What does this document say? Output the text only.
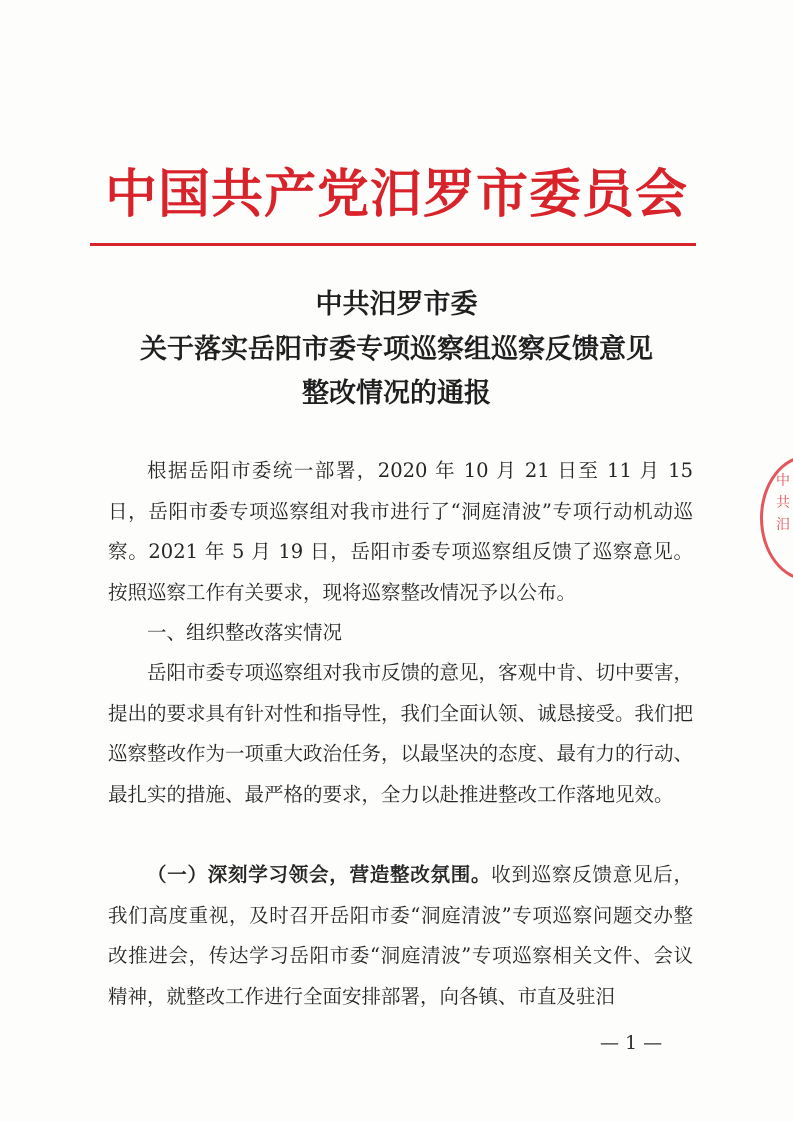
中国共产党汨罗市委员会
中共汨罗市委
关于落实岳阳市委专项巡察组巡察反馈意见
整改情况的通报

根据岳阳市委统一部署，2020 年 10 月 21 日至 11 月 15 日，岳阳市委专项巡察组对我市进行了“洞庭清波”专项行动机动巡察。2021 年 5 月 19 日，岳阳市委专项巡察组反馈了巡察意见。按照巡察工作有关要求，现将巡察整改情况予以公布。

一、组织整改落实情况

岳阳市委专项巡察组对我市反馈的意见，客观中肯、切中要害，提出的要求具有针对性和指导性，我们全面认领、诚恳接受。我们把巡察整改作为一项重大政治任务，以最坚决的态度、最有力的行动、最扎实的措施、最严格的要求，全力以赴推进整改工作落地见效。

（一）深刻学习领会，营造整改氛围。收到巡察反馈意见后，我们高度重视，及时召开岳阳市委“洞庭清波”专项巡察问题交办整改推进会，传达学习岳阳市委“洞庭清波”专项巡察相关文件、会议精神，就整改工作进行全面安排部署，向各镇、市直及驻汨

中共汨
— 1 —
